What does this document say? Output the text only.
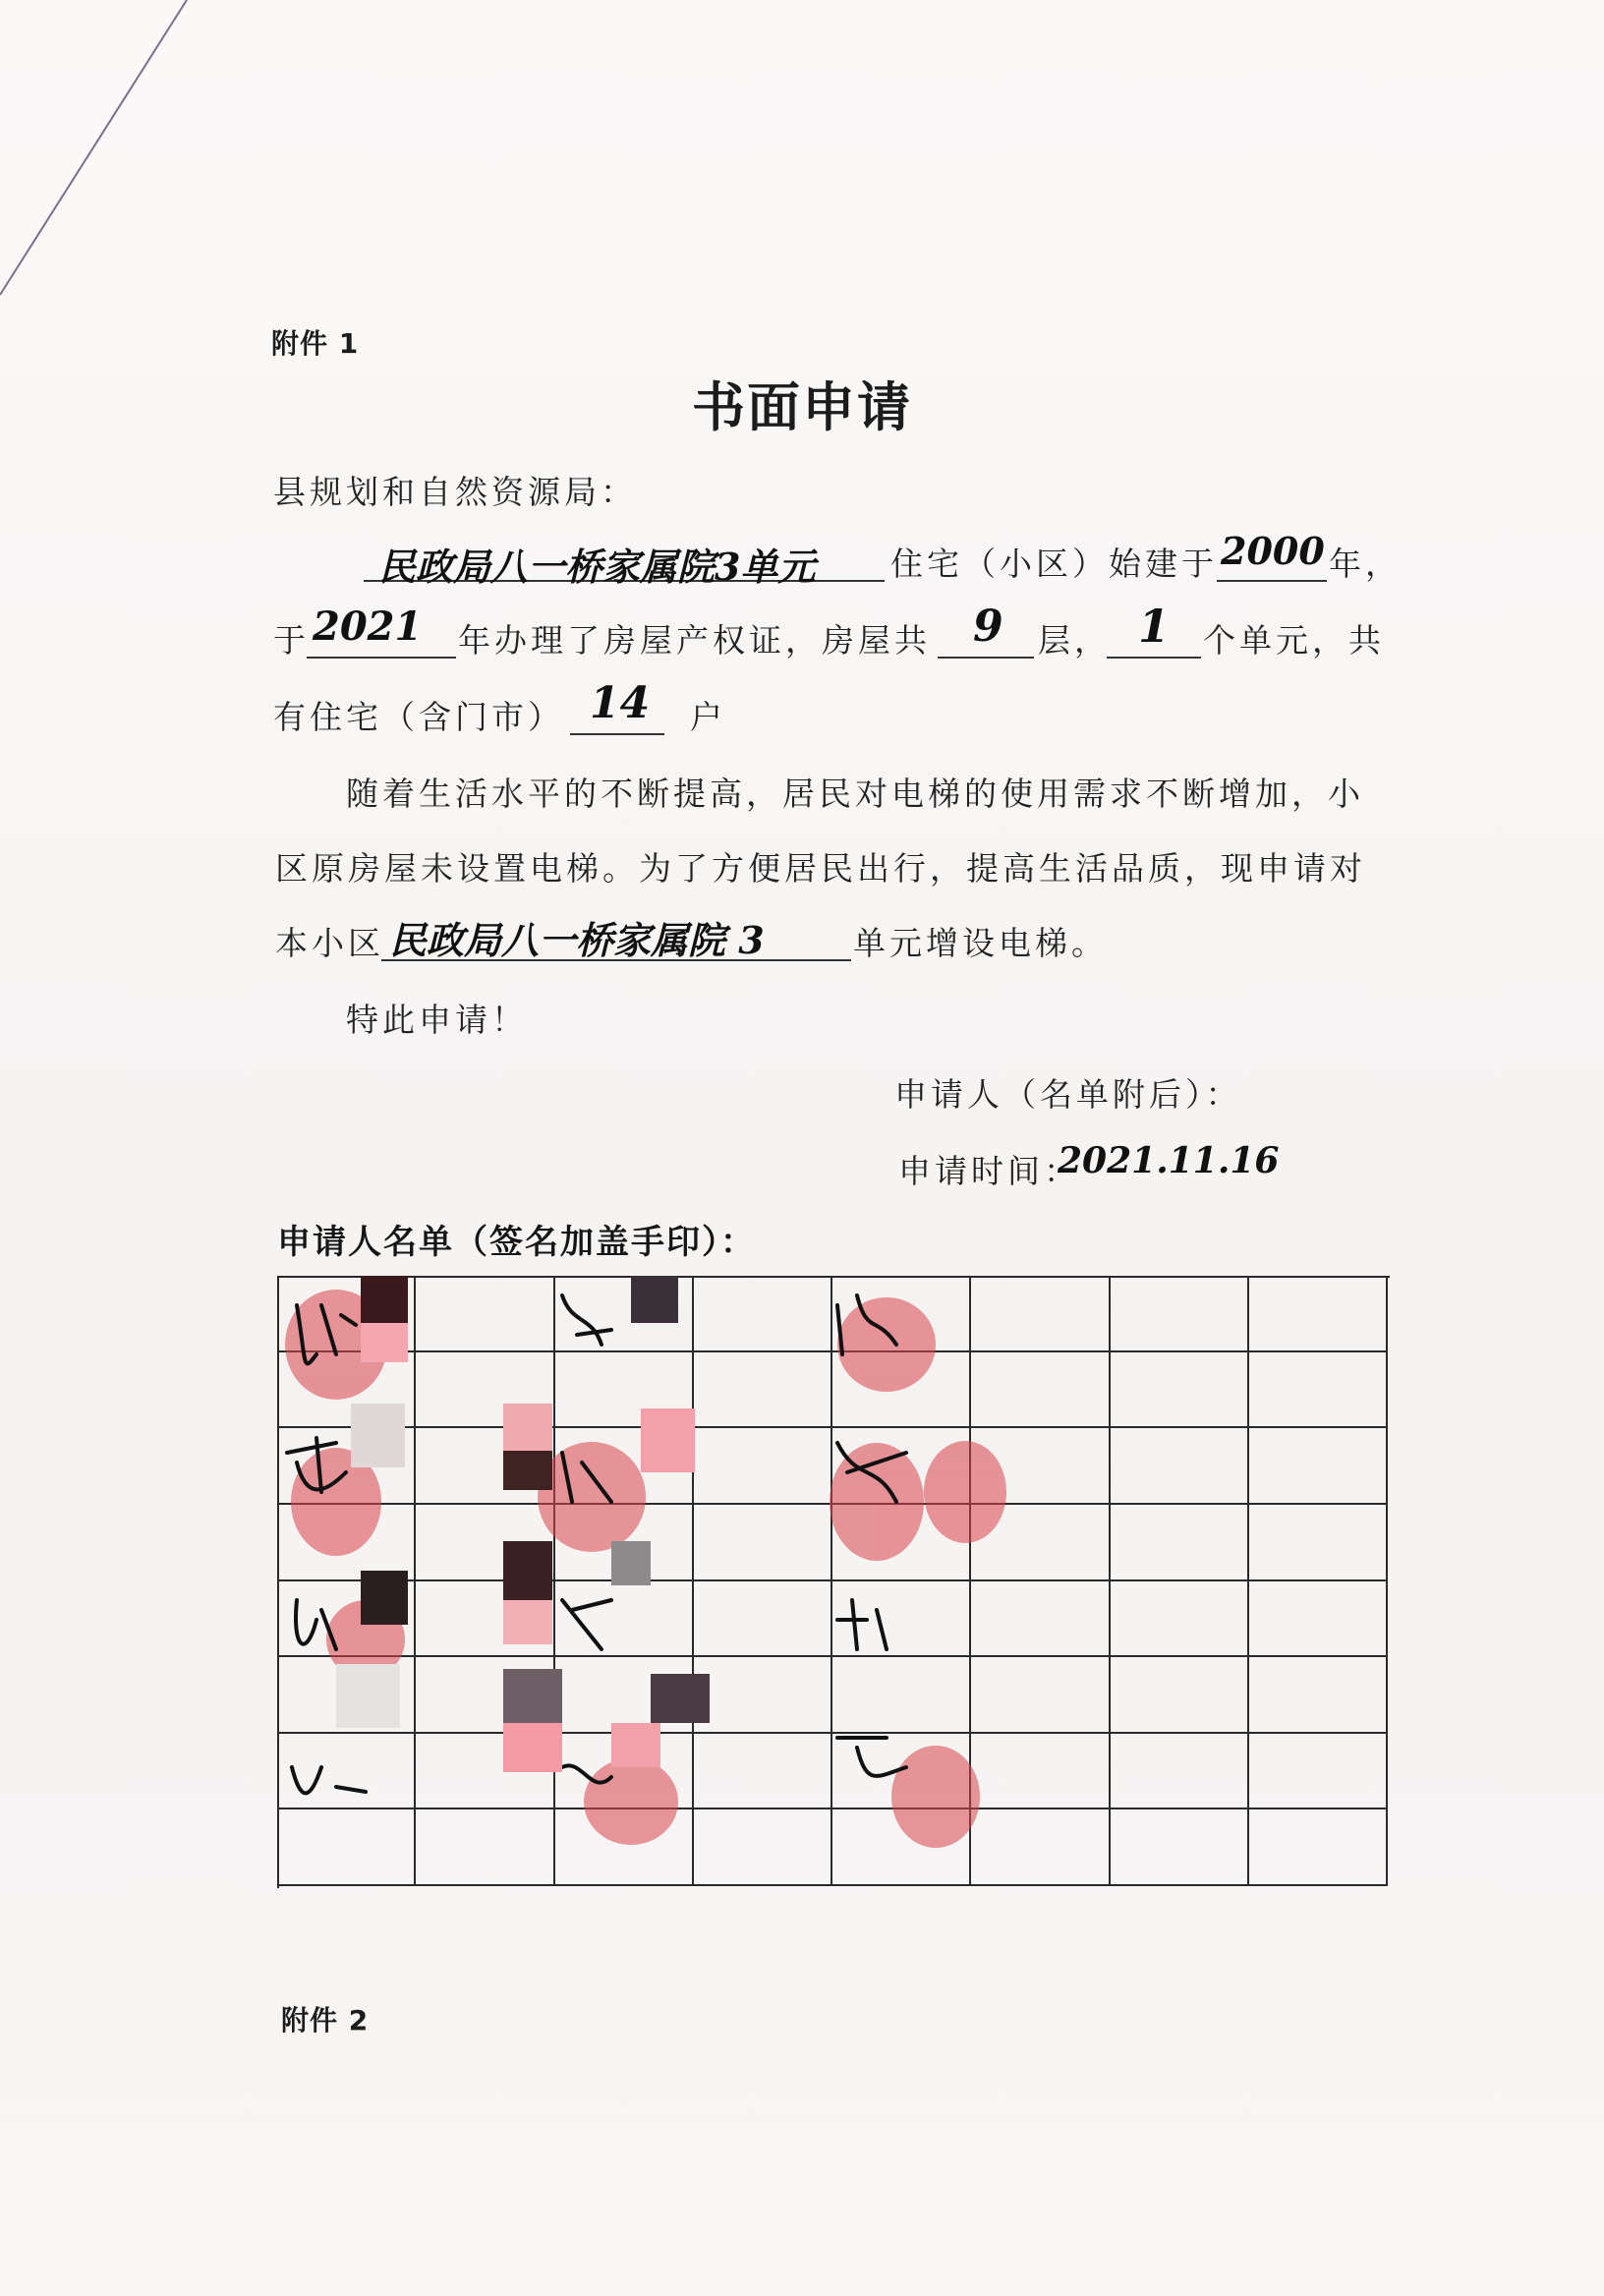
附件 1
书面申请
县规划和自然资源局：
民政局八一桥家属院3单元 住宅（小区）始建于 2000 年，
于 2021 年办理了房屋产权证，房屋共 9 层， 1 个单元，共
有住宅（含门市） 14 户
随着生活水平的不断提高，居民对电梯的使用需求不断增加，小
区原房屋未设置电梯。为了方便居民出行，提高生活品质，现申请对
本小区 民政局八一桥家属院 3	单元增设电梯。
特此申请！
申请人（名单附后）：
申请时间：
2021.11.16
申请人名单（签名加盖手印）：
附件 2
